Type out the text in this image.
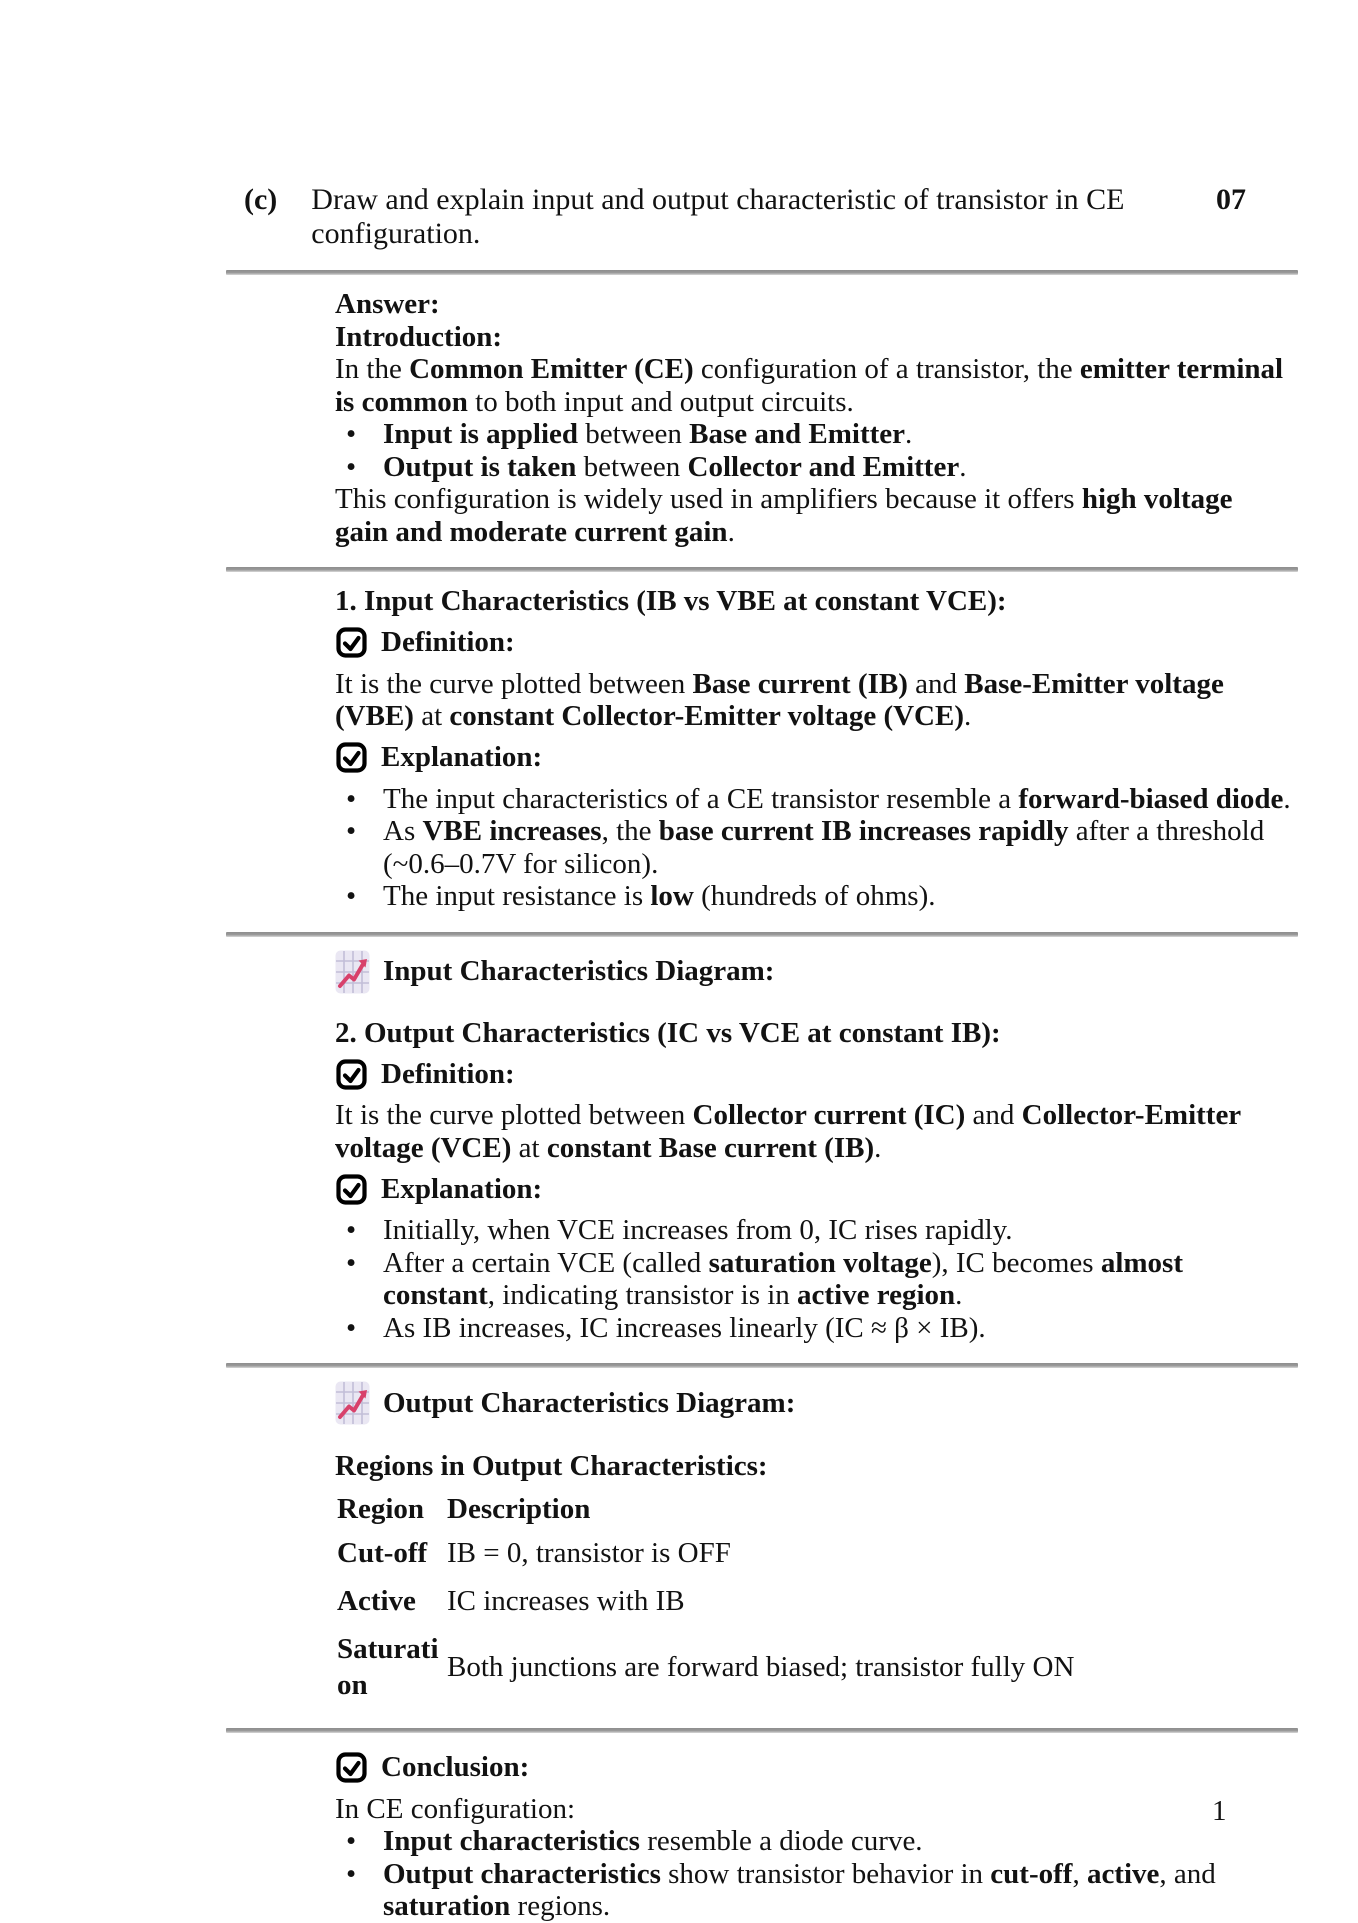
(c) Draw and explain input and output characteristic of transistor in CE configuration.
07
Answer:
Introduction:
In the Common Emitter (CE) configuration of a transistor, the emitter terminal is common to both input and output circuits.
• Input is applied between Base and Emitter.
• Output is taken between Collector and Emitter.
This configuration is widely used in amplifiers because it offers high voltage gain and moderate current gain.
1. Input Characteristics (IB vs VBE at constant VCE):
Definition:
It is the curve plotted between Base current (IB) and Base-Emitter voltage (VBE) at constant Collector-Emitter voltage (VCE).
Explanation:
• The input characteristics of a CE transistor resemble a forward-biased diode.
• As VBE increases, the base current IB increases rapidly after a threshold (~0.6–0.7V for silicon).
• The input resistance is low (hundreds of ohms).
Input Characteristics Diagram:
2. Output Characteristics (IC vs VCE at constant IB):
Definition:
It is the curve plotted between Collector current (IC) and Collector-Emitter voltage (VCE) at constant Base current (IB).
Explanation:
• Initially, when VCE increases from 0, IC rises rapidly.
• After a certain VCE (called saturation voltage), IC becomes almost constant, indicating transistor is in active region.
• As IB increases, IC increases linearly (IC ≈ β × IB).
Output Characteristics Diagram:
Regions in Output Characteristics:
Region	Description
Cut-off	IB = 0, transistor is OFF
Active	IC increases with IB
Saturation	Both junctions are forward biased; transistor fully ON
Conclusion:
In CE configuration:
• Input characteristics resemble a diode curve.
• Output characteristics show transistor behavior in cut-off, active, and saturation regions.
1
